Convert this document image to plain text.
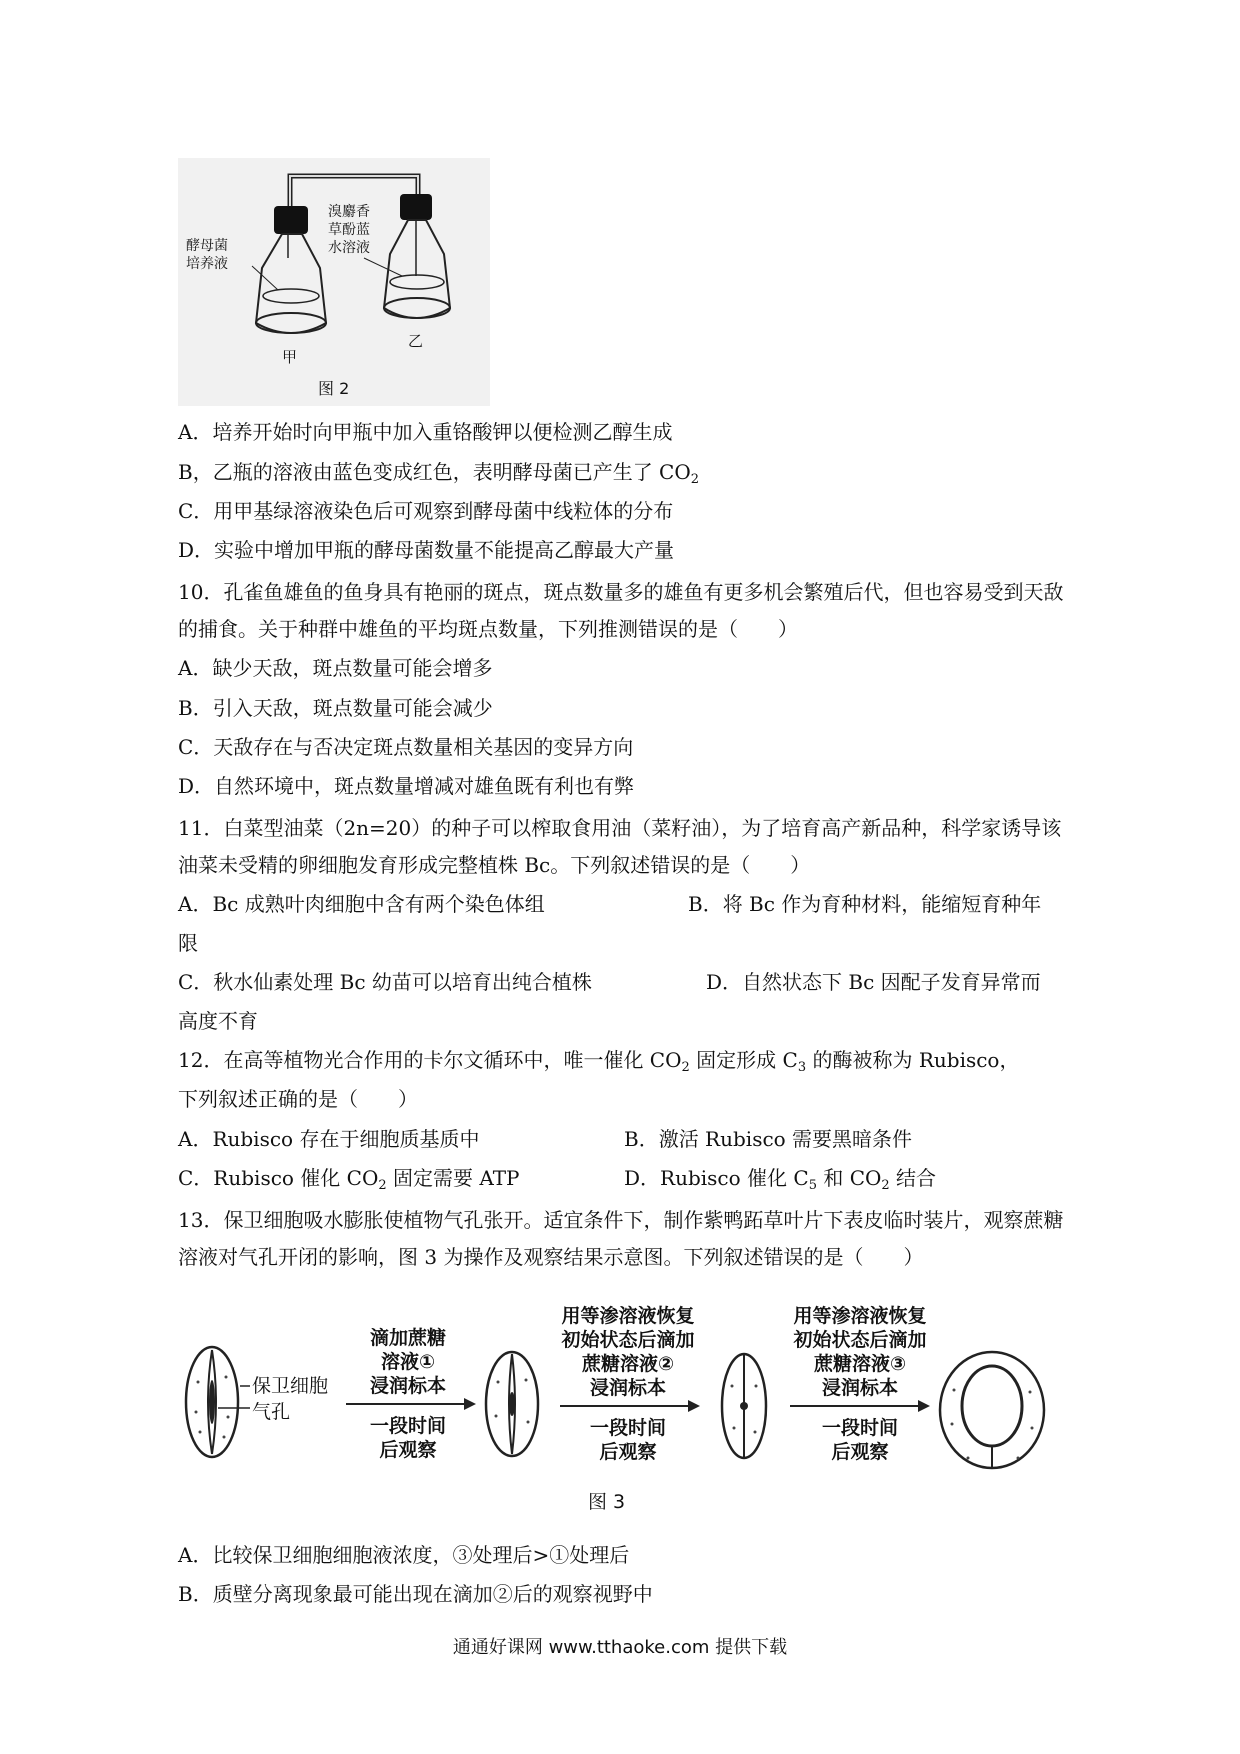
酵母菌
培养液
溴麝香
草酚蓝
水溶液
甲
乙
图 2
A．培养开始时向甲瓶中加入重铬酸钾以便检测乙醇生成
B，乙瓶的溶液由蓝色变成红色，表明酵母菌已产生了 $CO_2$
C．用甲基绿溶液染色后可观察到酵母菌中线粒体的分布
D．实验中增加甲瓶的酵母菌数量不能提高乙醇最大产量
10．孔雀鱼雄鱼的鱼身具有艳丽的斑点，斑点数量多的雄鱼有更多机会繁殖后代，但也容易受到天敌的捕食。关于种群中雄鱼的平均斑点数量，下列推测错误的是（　　）
A．缺少天敌，斑点数量可能会增多
B．引入天敌，斑点数量可能会减少
C．天敌存在与否决定斑点数量相关基因的变异方向
D．自然环境中，斑点数量增减对雄鱼既有利也有弊
11．白菜型油菜（2n=20）的种子可以榨取食用油（菜籽油），为了培育高产新品种，科学家诱导该油菜未受精的卵细胞发育形成完整植株 Bc。下列叙述错误的是（　　）
A．Bc 成熟叶肉细胞中含有两个染色体组	B．将 Bc 作为育种材料，能缩短育种年
限
C．秋水仙素处理 Bc 幼苗可以培育出纯合植株	D．自然状态下 Bc 因配子发育异常而
高度不育
12．在高等植物光合作用的卡尔文循环中，唯一催化 $CO_2$ 固定形成 $C_3$ 的酶被称为 Rubisco，
下列叙述正确的是（　　）
A．Rubisco 存在于细胞质基质中	B．激活 Rubisco 需要黑暗条件
C．Rubisco 催化 $CO_2$ 固定需要 ATP	D．Rubisco 催化 $C_5$ 和 $CO_2$ 结合
13．保卫细胞吸水膨胀使植物气孔张开。适宜条件下，制作紫鸭跖草叶片下表皮临时装片，观察蔗糖溶液对气孔开闭的影响，图 3 为操作及观察结果示意图。下列叙述错误的是（　　）
保卫细胞
气孔
滴加蔗糖
溶液①
浸润标本
一段时间
后观察
用等渗溶液恢复
初始状态后滴加
蔗糖溶液②
浸润标本
一段时间
后观察
用等渗溶液恢复
初始状态后滴加
蔗糖溶液③
浸润标本
一段时间
后观察
图 3
A．比较保卫细胞细胞液浓度，③处理后>①处理后
B．质壁分离现象最可能出现在滴加②后的观察视野中
通通好课网 www.tthaoke.com 提供下载
